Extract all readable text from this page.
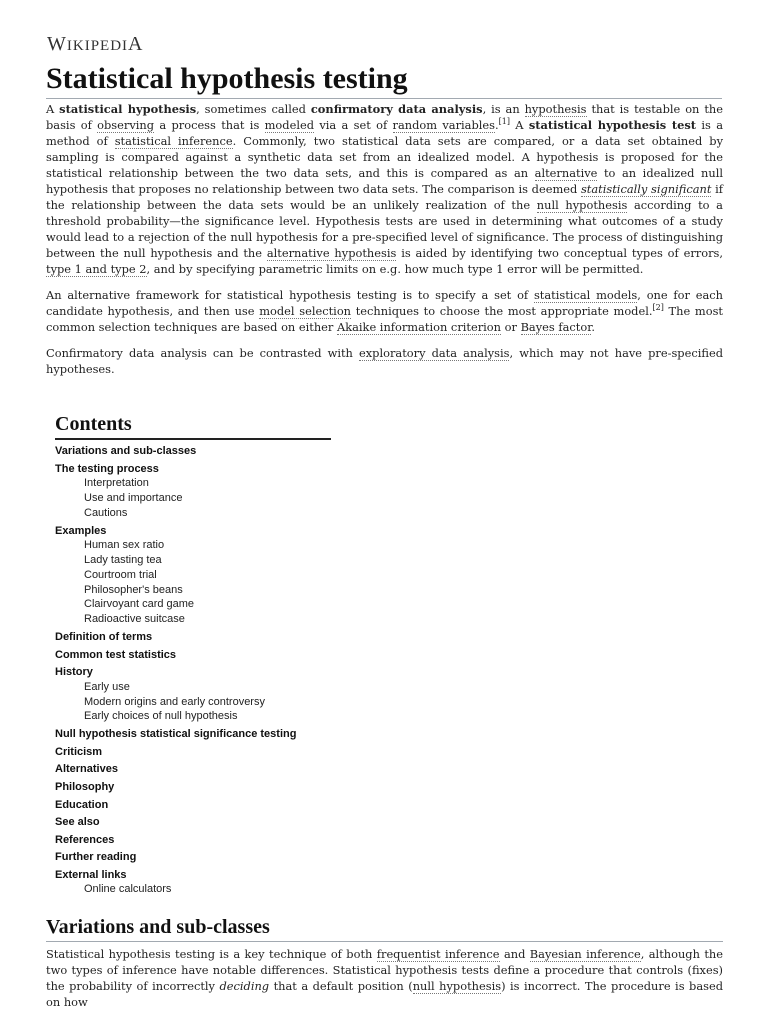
WIKIPEDIA
Statistical hypothesis testing

A statistical hypothesis, sometimes called confirmatory data analysis, is an hypothesis that is testable on the basis of observing a process that is modeled via a set of random variables.[1] A statistical hypothesis test is a method of statistical inference. Commonly, two statistical data sets are compared, or a data set obtained by sampling is compared against a synthetic data set from an idealized model. A hypothesis is proposed for the statistical relationship between the two data sets, and this is compared as an alternative to an idealized null hypothesis that proposes no relationship between two data sets. The comparison is deemed statistically significant if the relationship between the data sets would be an unlikely realization of the null hypothesis according to a threshold probability—the significance level. Hypothesis tests are used in determining what outcomes of a study would lead to a rejection of the null hypothesis for a pre-specified level of significance. The process of distinguishing between the null hypothesis and the alternative hypothesis is aided by identifying two conceptual types of errors, type 1 and type 2, and by specifying parametric limits on e.g. how much type 1 error will be permitted.

An alternative framework for statistical hypothesis testing is to specify a set of statistical models, one for each candidate hypothesis, and then use model selection techniques to choose the most appropriate model.[2] The most common selection techniques are based on either Akaike information criterion or Bayes factor.

Confirmatory data analysis can be contrasted with exploratory data analysis, which may not have pre-specified hypotheses.

Contents
Variations and sub-classes
The testing process
Interpretation
Use and importance
Cautions
Examples
Human sex ratio
Lady tasting tea
Courtroom trial
Philosopher's beans
Clairvoyant card game
Radioactive suitcase
Definition of terms
Common test statistics
History
Early use
Modern origins and early controversy
Early choices of null hypothesis
Null hypothesis statistical significance testing
Criticism
Alternatives
Philosophy
Education
See also
References
Further reading
External links
Online calculators
Variations and sub-classes

Statistical hypothesis testing is a key technique of both frequentist inference and Bayesian inference, although the two types of inference have notable differences. Statistical hypothesis tests define a procedure that controls (fixes) the probability of incorrectly deciding that a default position (null hypothesis) is incorrect. The procedure is based on how
